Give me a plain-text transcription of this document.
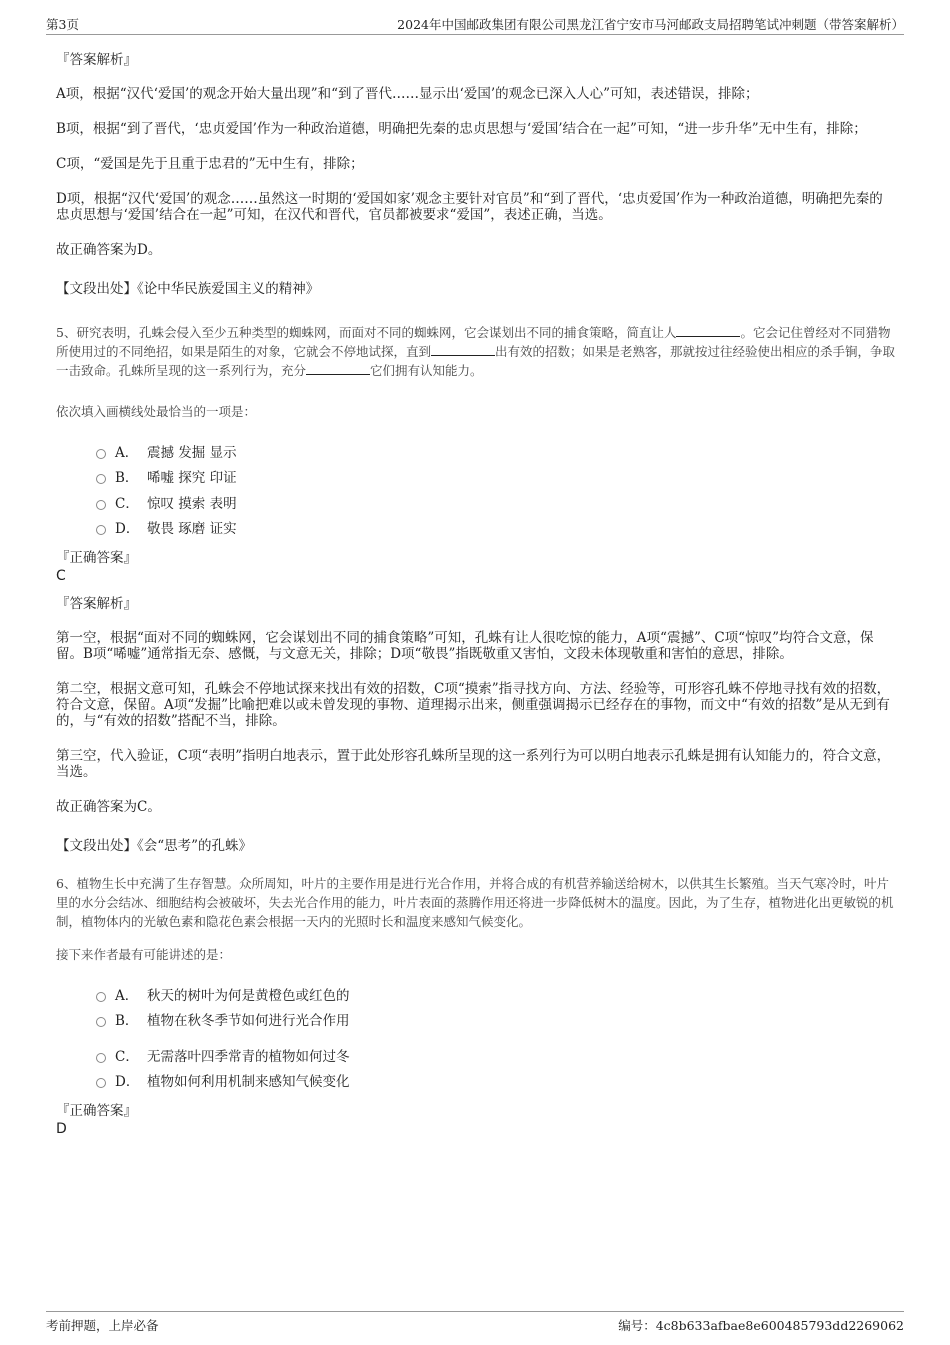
第3页	2024年中国邮政集团有限公司黑龙江省宁安市马河邮政支局招聘笔试冲刺题（带答案解析）
『答案解析』
A项，根据“汉代‘爱国’的观念开始大量出现”和“到了晋代……显示出‘爱国’的观念已深入人心”可知，表述错误，排除；
B项，根据“到了晋代，‘忠贞爱国’作为一种政治道德，明确把先秦的忠贞思想与‘爱国’结合在一起”可知，“进一步升华”无中生有，排除；
C项，“爱国是先于且重于忠君的”无中生有，排除；
D项，根据“汉代‘爱国’的观念……虽然这一时期的‘爱国如家’观念主要针对官员”和“到了晋代，‘忠贞爱国’作为一种政治道德，明确把先秦的忠贞思想与‘爱国’结合在一起”可知，在汉代和晋代，官员都被要求“爱国”，表述正确，当选。
故正确答案为D。
【文段出处】《论中华民族爱国主义的精神》
5、研究表明，孔蛛会侵入至少五种类型的蜘蛛网，而面对不同的蜘蛛网，它会谋划出不同的捕食策略，简直让人	。它会记住曾经对不同猎物所使用过的不同绝招，如果是陌生的对象，它就会不停地试探，直到	出有效的招数；如果是老熟客，那就按过往经验使出相应的杀手锏，争取一击致命。孔蛛所呈现的这一系列行为，充分	它们拥有认知能力。
依次填入画横线处最恰当的一项是：
A． 震撼 发掘 显示
B． 唏嘘 探究 印证
C． 惊叹 摸索 表明
D． 敬畏 琢磨 证实
『正确答案』
C
『答案解析』
第一空，根据“面对不同的蜘蛛网，它会谋划出不同的捕食策略”可知，孔蛛有让人很吃惊的能力，A项“震撼”、C项“惊叹”均符合文意，保留。B项“唏嘘”通常指无奈、感慨，与文意无关，排除；D项“敬畏”指既敬重又害怕，文段未体现敬重和害怕的意思，排除。
第二空，根据文意可知，孔蛛会不停地试探来找出有效的招数，C项“摸索”指寻找方向、方法、经验等，可形容孔蛛不停地寻找有效的招数，符合文意，保留。A项“发掘”比喻把难以或未曾发现的事物、道理揭示出来，侧重强调揭示已经存在的事物，而文中“有效的招数”是从无到有的，与“有效的招数”搭配不当，排除。
第三空，代入验证，C项“表明”指明白地表示，置于此处形容孔蛛所呈现的这一系列行为可以明白地表示孔蛛是拥有认知能力的，符合文意，当选。
故正确答案为C。
【文段出处】《会“思考”的孔蛛》
6、植物生长中充满了生存智慧。众所周知，叶片的主要作用是进行光合作用，并将合成的有机营养输送给树木，以供其生长繁殖。当天气寒冷时，叶片里的水分会结冰、细胞结构会被破坏，失去光合作用的能力，叶片表面的蒸腾作用还将进一步降低树木的温度。因此，为了生存，植物进化出更敏锐的机制，植物体内的光敏色素和隐花色素会根据一天内的光照时长和温度来感知气候变化。
接下来作者最有可能讲述的是：
A． 秋天的树叶为何是黄橙色或红色的
B． 植物在秋冬季节如何进行光合作用
C． 无需落叶四季常青的植物如何过冬
D． 植物如何利用机制来感知气候变化
『正确答案』
D
考前押题，上岸必备	编号：4c8b633afbae8e600485793dd2269062
